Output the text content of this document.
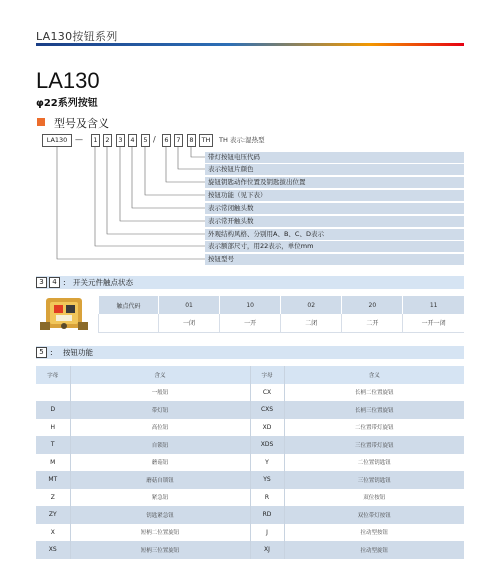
LA130按钮系列
LA130
φ22系列按钮
型号及含义
LA130 —	1	2	3	4	5 /	6	7	8	TH	TH 表示:湿热型
带灯按钮电压代码
表示按钮片颜色
旋钮钥匙动作位置及钥匙拔出位置
按钮功能（见下表）
表示常闭触头数
表示常开触头数
外观结构风格、分别用A、B、C、D表示
表示额部尺寸，用22表示，单位mm
按钮型号
3	4 : 开关元件触点状态
触点代码	01	10	02	20	11
	一闭	一开	二闭	二开	一开一闭
5 : 按钮功能
字母	含义	字母	含义
	一般钮	CX	长柄二位置旋钮
D	带灯钮	CXS	长柄三位置旋钮
H	高位钮	XD	二位置带灯旋钮
T	自锁钮	XDS	三位置带灯旋钮
M	蘑菇钮	Y	二位置钥匙钮
MT	蘑菇自锁钮	YS	三位置钥匙钮
Z	紧急钮	R	双位按钮
ZY	钥匙紧急钮	RD	双位带灯按钮
X	短柄二位置旋钮	J	拉动型按钮
XS	短柄三位置旋钮	XJ	拉动型旋钮
